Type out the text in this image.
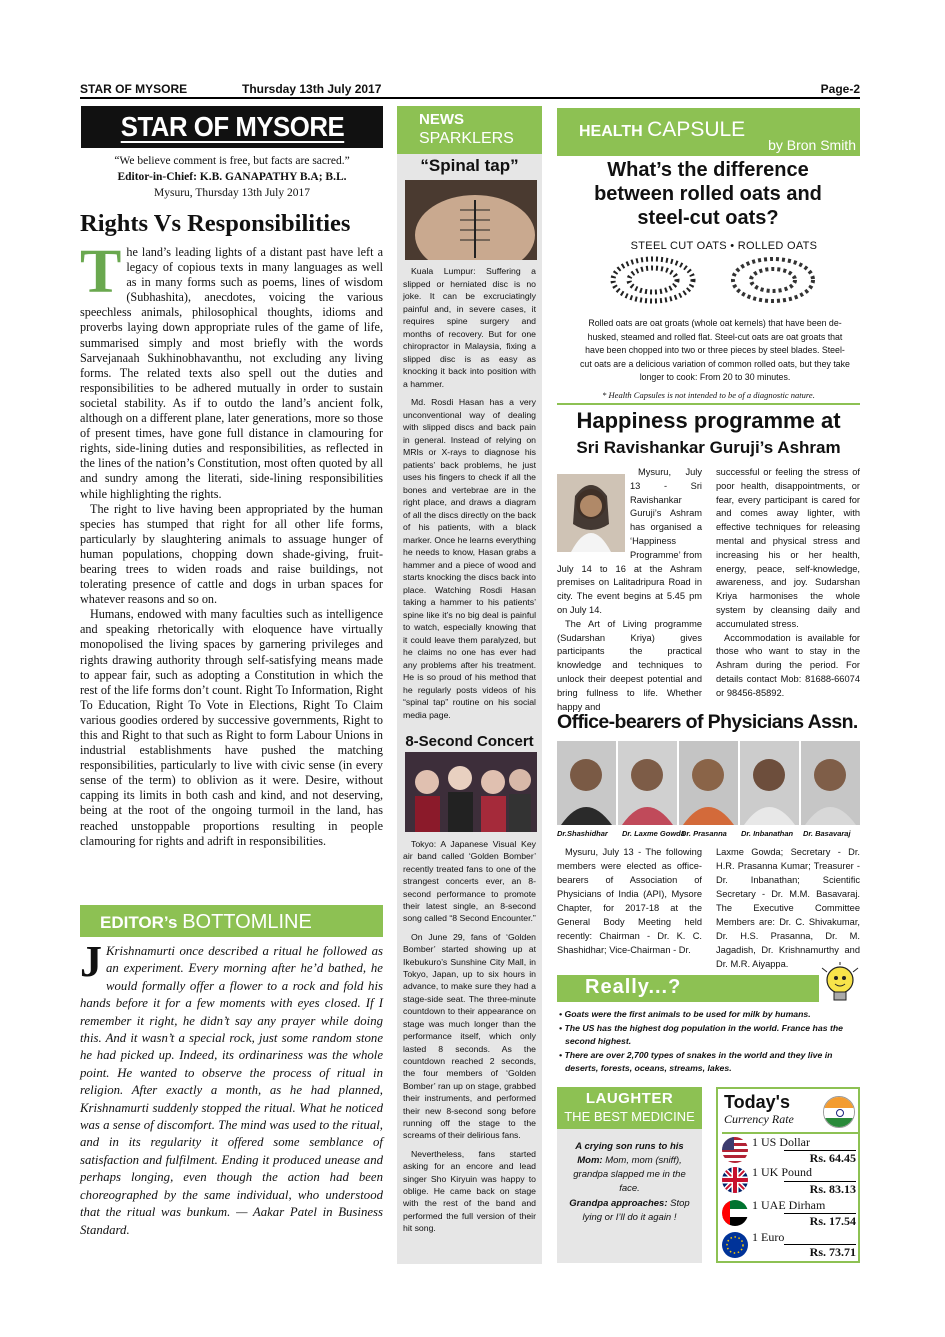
STAR OF MYSORE	Thursday 13th July 2017	Page-2
STAR OF MYSORE
“We believe comment is free, but facts are sacred.”
Editor-in-Chief: K.B. GANAPATHY B.A; B.L.
Mysuru, Thursday 13th July 2017
Rights Vs Responsibilities
T he land’s leading lights of a distant past have left a legacy of copious texts in many languages as well as in many forms such as poems, lines of wisdom (Subhashita), anecdotes, voicing the various speechless animals, philosophical thoughts, idioms and proverbs laying down appropriate rules of the game of life, summarised simply and most briefly with the words Sarvejanaah Sukhinobhavanthu, not excluding any living forms. The related texts also spell out the duties and responsibilities to be adhered mutually in order to sustain societal stability. As if to outdo the land’s ancient folk, although on a different plane, later generations, more so those of present times, have gone full distance in clamouring for rights, side-lining duties and responsibilities, as reflected in the lines of the nation’s Constitution, most often quoted by all and sundry among the literati, side-lining responsibilities while highlighting the rights.

The right to live having been appropriated by the human species has stumped that right for all other life forms, particularly by slaughtering animals to assuage hunger of human populations, chopping down shade-giving, fruit-bearing trees to widen roads and raise buildings, not tolerating presence of cattle and dogs in urban spaces for whatever reasons and so on.

Humans, endowed with many faculties such as intelligence and speaking rhetorically with eloquence have virtually monopolised the living spaces by garnering privileges and rights drawing authority through self-satisfying means made to appear fair, such as adopting a Constitution in which the rest of the life forms don’t count. Right To Information, Right To Education, Right To Vote in Elections, Right To Claim various goodies ordered by successive governments, Right to this and Right to that such as Right to form Labour Unions in industrial establishments have pushed the matching responsibilities, particularly to live with civic sense (in every sense of the term) to oblivion as it were. Desire, without capping its limits in both cash and kind, and not deserving, being at the root of the ongoing turmoil in the land, has reached unstoppable proportions resulting in people clamouring for rights and adrift in responsibilities.

EDITOR’s BOTTOMLINE
J Krishnamurti once described a ritual he followed as an experiment. Every morning after he’d bathed, he would formally offer a flower to a rock and fold his hands before it for a few moments with eyes closed. If I remember it right, he didn’t say any prayer while doing this. And it wasn’t a special rock, just some random stone he had picked up. Indeed, its ordinariness was the whole point. He wanted to observe the process of ritual in religion. After exactly a month, as he had planned, Krishnamurti suddenly stopped the ritual. What he noticed was a sense of discomfort. The mind was used to the ritual, and in its regularity it offered some semblance of satisfaction and fulfilment. Ending it produced unease and perhaps longing, even though the action had been choreographed by the same individual, who understood that the ritual was bunkum. — Aakar Patel in Business Standard.
NEWS
SPARKLERS
“Spinal tap”

Kuala Lumpur: Suffering a slipped or herniated disc is no joke. It can be excruciatingly painful and, in severe cases, it requires spine surgery and months of recovery. But for one chiropractor in Malaysia, fixing a slipped disc is as easy as knocking it back into position with a hammer.

Md. Rosdi Hasan has a very unconventional way of dealing with slipped discs and back pain in general. Instead of relying on MRIs or X-rays to diagnose his patients’ back problems, he just uses his fingers to check if all the bones and vertebrae are in the right place, and draws a diagram of all the discs directly on the back of his patients, with a black marker. Once he learns everything he needs to know, Hasan grabs a hammer and a piece of wood and starts knocking the discs back into place. Watching Rosdi Hasan taking a hammer to his patients’ spine like it’s no big deal is painful to watch, especially knowing that it could leave them paralyzed, but he claims no one has ever had any problems after his treatment. He is so proud of his method that he regularly posts videos of his “spinal tap” routine on his social media page.

8-Second Concert

Tokyo: A Japanese Visual Key air band called ‘Golden Bomber’ recently treated fans to one of the strangest concerts ever, an 8-second performance to promote their latest single, an 8-second song called “8 Second Encounter.”

On June 29, fans of ‘Golden Bomber’ started showing up at Ikebukuro’s Sunshine City Mall, in Tokyo, Japan, up to six hours in advance, to make sure they had a stage-side seat. The three-minute countdown to their appearance on stage was much longer than the performance itself, which only lasted 8 seconds. As the countdown reached 2 seconds, the four members of ‘Golden Bomber’ ran up on stage, grabbed their instruments, and performed their new 8-second song before running off the stage to the screams of their delirious fans.

Nevertheless, fans started asking for an encore and lead singer Sho Kiryuin was happy to oblige. He came back on stage with the rest of the band and performed the full version of their hit song.

HEALTH CAPSULE
by Bron Smith
What’s the difference between rolled oats and steel-cut oats?
STEEL CUT OATS • ROLLED OATS
Rolled oats are oat groats (whole oat kernels) that have been de-husked, steamed and rolled flat. Steel-cut oats are oat groats that have been chopped into two or three pieces by steel blades. Steel-cut oats are a delicious variation of common rolled oats, but they take longer to cook: From 20 to 30 minutes.
* Health Capsules is not intended to be of a diagnostic nature.
Happiness programme at
Sri Ravishankar Guruji’s Ashram

Mysuru, July 13 - Sri Ravishankar Guruji’s Ashram has organised a ‘Happiness Programme’ from July 14 to 16 at the Ashram premises on Lalitadripura Road in city. The event begins at 5.45 pm on July 14.

The Art of Living programme (Sudarshan Kriya) gives participants the practical knowledge and techniques to unlock their deepest potential and bring fullness to life. Whether happy and

successful or feeling the stress of poor health, disappointments, or fear, every participant is cared for and comes away lighter, with effective techniques for releasing mental and physical stress and increasing his or her health, energy, peace, self-knowledge, awareness, and joy. Sudarshan Kriya harmonises the whole system by cleansing daily and accumulated stress.

Accommodation is available for those who want to stay in the Ashram during the period. For details contact Mob: 81688-66074 or 98456-85892.

Office-bearers of Physicians Assn.
Dr.Shashidhar Dr. Laxme Gowda
Dr. Prasanna Dr. Inbanathan Dr. Basavaraj
Mysuru, July 13 - The following members were elected as office-bearers of Association of Physicians of India (API), Mysore Chapter, for 2017-18 at the General Body Meeting held recently: Chairman - Dr. K. C. Shashidhar; Vice-Chairman - Dr.
Laxme Gowda; Secretary - Dr. H.R. Prasanna Kumar; Treasurer - Dr. Inbanathan; Scientific Secretary - Dr. M.M. Basavaraj. The Executive Committee Members are: Dr. C. Shivakumar, Dr. H.S. Prasanna, Dr. M. Jagadish, Dr. Krishnamurthy and Dr. M.R. Aiyappa.
Really...?
• Goats were the first animals to be used for milk by humans.
• The US has the highest dog population in the world. France has the second highest.
• There are over 2,700 types of snakes in the world and they live in deserts, forests, oceans, streams, lakes.
LAUGHTER
THE BEST MEDICINE

A crying son runs to his Mom: Mom, mom (sniff), grandpa slapped me in the face.

Grandpa approaches: Stop lying or I’ll do it again !

Today's
Currency Rate
1 US Dollar
Rs. 64.45
1 UK Pound
Rs. 83.13
1 UAE Dirham
Rs. 17.54
1 Euro
Rs. 73.71
